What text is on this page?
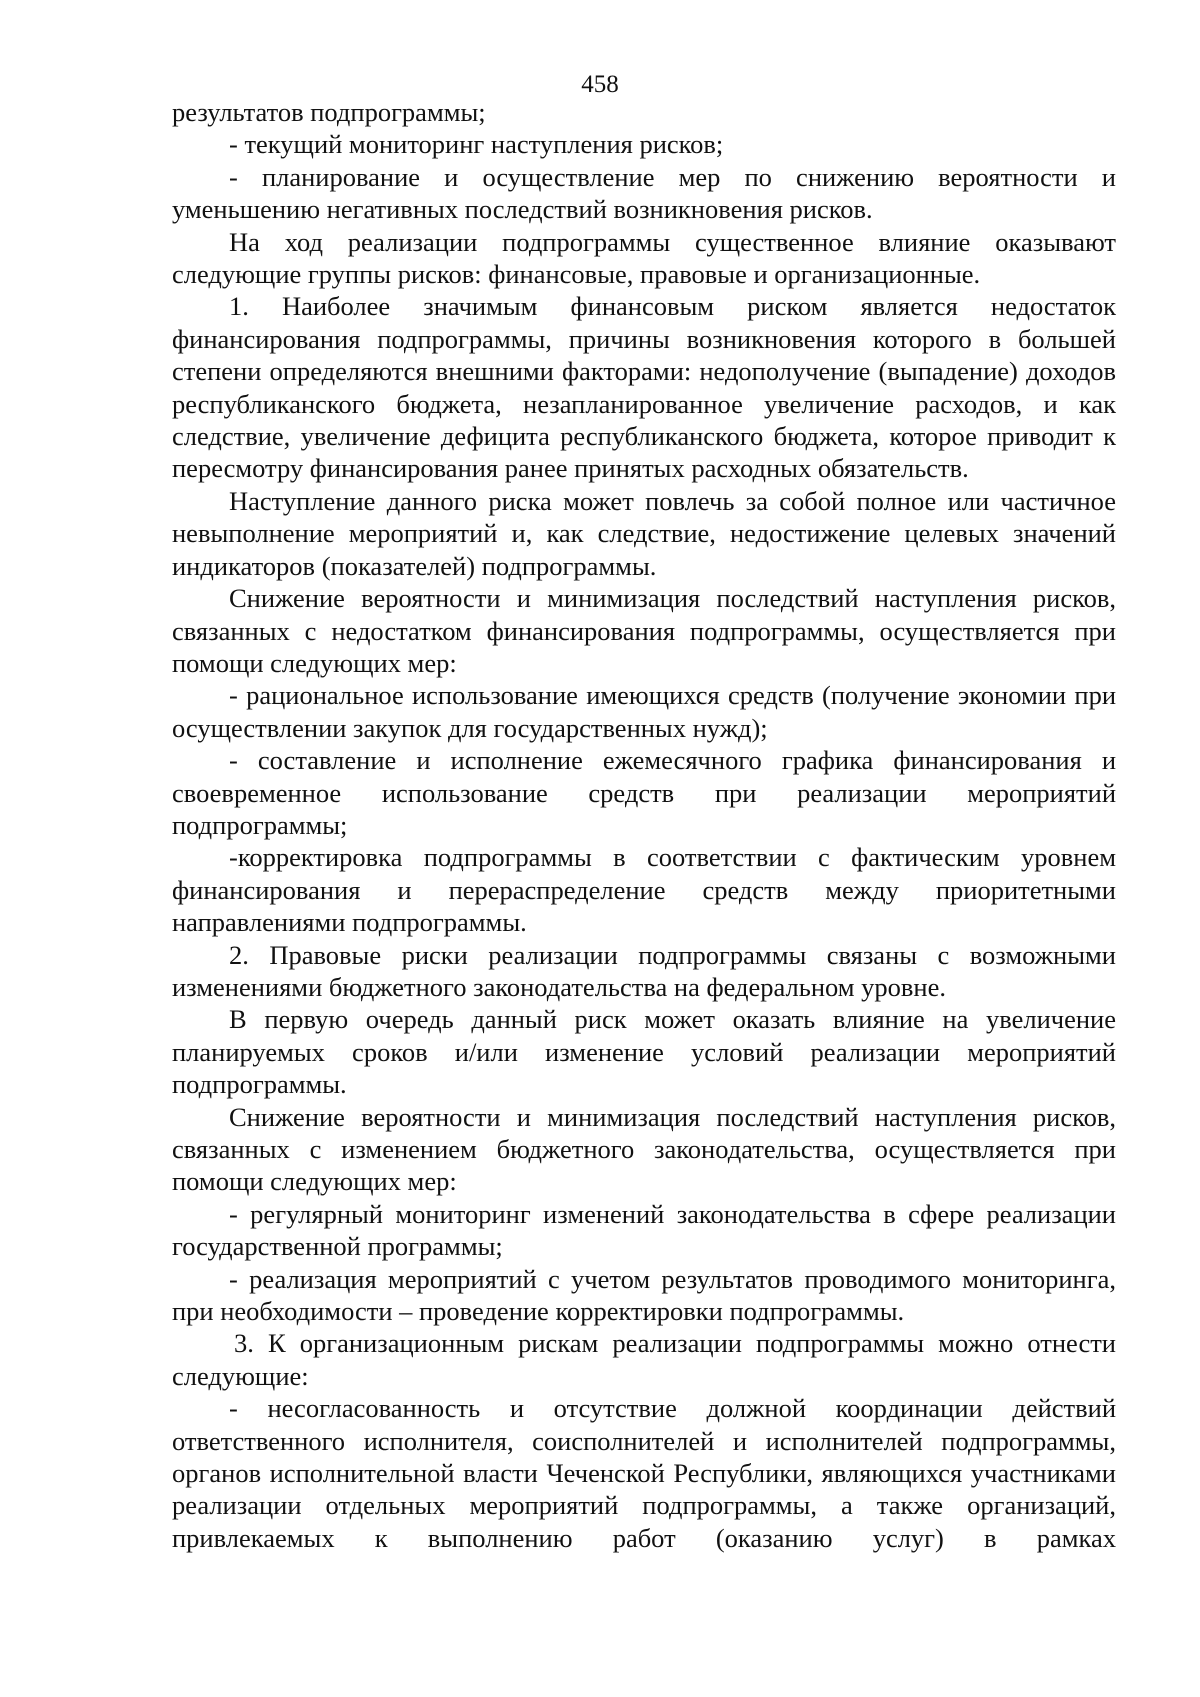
458

результатов подпрограммы;

- текущий мониторинг наступления рисков;

- планирование и осуществление мер по снижению вероятности и уменьшению негативных последствий возникновения рисков.

На ход реализации подпрограммы существенное влияние оказывают следующие группы рисков: финансовые, правовые и организационные.

1. Наиболее значимым финансовым риском является недостаток финансирования подпрограммы, причины возникновения которого в большей степени определяются внешними факторами: недополучение (выпадение) доходов республиканского бюджета, незапланированное увеличение расходов, и как следствие, увеличение дефицита республиканского бюджета, которое приводит к пересмотру финансирования ранее принятых расходных обязательств.

Наступление данного риска может повлечь за собой полное или частичное невыполнение мероприятий и, как следствие, недостижение целевых значений индикаторов (показателей) подпрограммы.

Снижение вероятности и минимизация последствий наступления рисков, связанных с недостатком финансирования подпрограммы, осуществляется при помощи следующих мер:

- рациональное использование имеющихся средств (получение экономии при осуществлении закупок для государственных нужд);

- составление и исполнение ежемесячного графика финансирования и своевременное использование средств при реализации мероприятий подпрограммы;

-корректировка подпрограммы в соответствии с фактическим уровнем финансирования и перераспределение средств между приоритетными направлениями подпрограммы.

2. Правовые риски реализации подпрограммы связаны с возможными изменениями бюджетного законодательства на федеральном уровне.

В первую очередь данный риск может оказать влияние на увеличение планируемых сроков и/или изменение условий реализации мероприятий подпрограммы.

Снижение вероятности и минимизация последствий наступления рисков, связанных с изменением бюджетного законодательства, осуществляется при помощи следующих мер:

- регулярный мониторинг изменений законодательства в сфере реализации государственной программы;

- реализация мероприятий с учетом результатов проводимого мониторинга, при необходимости – проведение корректировки подпрограммы.

3. К организационным рискам реализации подпрограммы можно отнести следующие:

- несогласованность и отсутствие должной координации действий ответственного исполнителя, соисполнителей и исполнителей подпрограммы, органов исполнительной власти Чеченской Республики, являющихся участниками реализации отдельных мероприятий подпрограммы, а также организаций, привлекаемых к выполнению работ (оказанию услуг) в рамках
